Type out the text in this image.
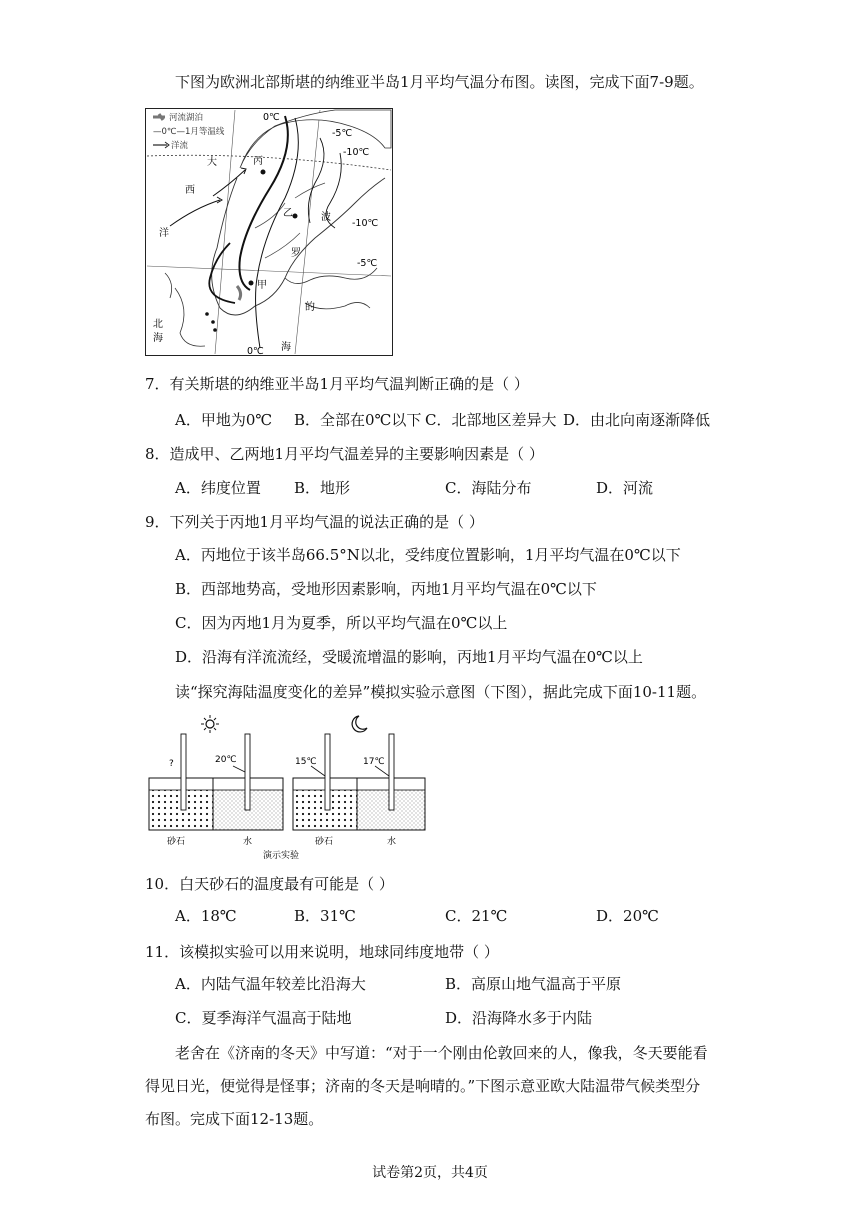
下图为欧洲北部斯堪的纳维亚半岛1月平均气温分布图。读图，完成下面7-9题。
河流湖泊
—0℃—1月等温线
洋流
0℃
-5℃
-10℃
-10℃
-5℃
0℃
大
西
洋
丙
乙	波
罗
甲
的
海
北
海
7．有关斯堪的纳维亚半岛1月平均气温判断正确的是（ ）
A．甲地为0℃ B．全部在0℃以下 C．北部地区差异大 D．由北向南逐渐降低
8．造成甲、乙两地1月平均气温差异的主要影响因素是（ ）
A．纬度位置 B．地形	C．海陆分布	D．河流
9．下列关于丙地1月平均气温的说法正确的是（ ）
A．丙地位于该半岛66.5°N以北，受纬度位置影响，1月平均气温在0℃以下
B．西部地势高，受地形因素影响，丙地1月平均气温在0℃以下
C．因为丙地1月为夏季，所以平均气温在0℃以上
D．沿海有洋流流经，受暖流增温的影响，丙地1月平均气温在0℃以上
读“探究海陆温度变化的差异”模拟实验示意图（下图），据此完成下面10-11题。
?	20℃
砂石	水
15℃	17℃
砂石	水
演示实验
10．白天砂石的温度最有可能是（ ）
A．18℃	B．31℃	C．21℃	D．20℃
11．该模拟实验可以用来说明，地球同纬度地带（ ）
A．内陆气温年较差比沿海大	B．高原山地气温高于平原
C．夏季海洋气温高于陆地	D．沿海降水多于内陆
老舍在《济南的冬天》中写道：“对于一个刚由伦敦回来的人，像我，冬天要能看
得见日光，便觉得是怪事；济南的冬天是响晴的。”下图示意亚欧大陆温带气候类型分
布图。完成下面12-13题。
试卷第2页，共4页
